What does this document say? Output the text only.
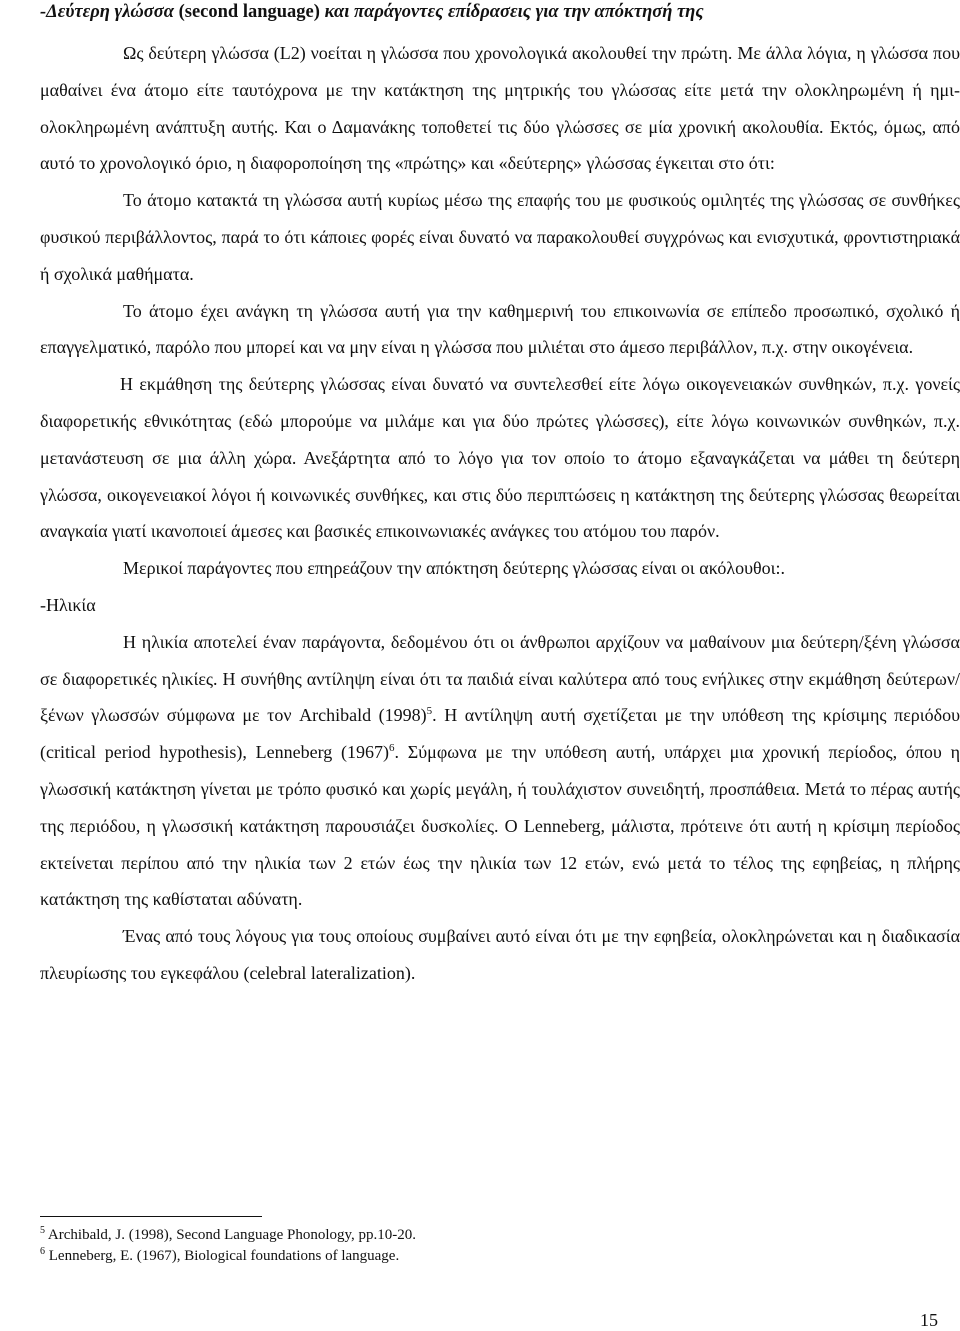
-Δεύτερη γλώσσα (second language) και παράγοντες επίδρασεις για την απόκτησή της

Ως δεύτερη γλώσσα (L2) νοείται η γλώσσα που χρονολογικά ακολουθεί την πρώτη. Με άλλα λόγια, η γλώσσα που μαθαίνει ένα άτομο είτε ταυτόχρονα με την κατάκτηση της μητρικής του γλώσσας είτε μετά την ολοκληρωμένη ή ημι-ολοκληρωμένη ανάπτυξη αυτής. Και ο Δαμανάκης τοποθετεί τις δύο γλώσσες σε μία χρονική ακολουθία. Εκτός, όμως, από αυτό το χρονολογικό όριο, η διαφοροποίηση της «πρώτης» και «δεύτερης» γλώσσας έγκειται στο ότι:

Το άτομο κατακτά τη γλώσσα αυτή κυρίως μέσω της επαφής του με φυσικούς ομιλητές της γλώσσας σε συνθήκες φυσικού περιβάλλοντος, παρά το ότι κάποιες φορές είναι δυνατό να παρακολουθεί συγχρόνως και ενισχυτικά, φροντιστηριακά ή σχολικά μαθήματα.

Το άτομο έχει ανάγκη τη γλώσσα αυτή για την καθημερινή του επικοινωνία σε επίπεδο προσωπικό, σχολικό ή επαγγελματικό, παρόλο που μπορεί και να μην είναι η γλώσσα που μιλιέται στο άμεσο περιβάλλον, π.χ. στην οικογένεια.

Η εκμάθηση της δεύτερης γλώσσας είναι δυνατό να συντελεσθεί είτε λόγω οικογενειακών συνθηκών, π.χ. γονείς διαφορετικής εθνικότητας (εδώ μπορούμε να μιλάμε και για δύο πρώτες γλώσσες), είτε λόγω κοινωνικών συνθηκών, π.χ. μετανάστευση σε μια άλλη χώρα. Ανεξάρτητα από το λόγο για τον οποίο το άτομο εξαναγκάζεται να μάθει τη δεύτερη γλώσσα, οικογενειακοί λόγοι ή κοινωνικές συνθήκες, και στις δύο περιπτώσεις η κατάκτηση της δεύτερης γλώσσας θεωρείται αναγκαία γιατί ικανοποιεί άμεσες και βασικές επικοινωνιακές ανάγκες του ατόμου του παρόν.

Μερικοί παράγοντες που επηρεάζουν την απόκτηση δεύτερης γλώσσας είναι οι ακόλουθοι:.

-Ηλικία

Η ηλικία αποτελεί έναν παράγοντα, δεδομένου ότι οι άνθρωποι αρχίζουν να μαθαίνουν μια δεύτερη/ξένη γλώσσα σε διαφορετικές ηλικίες. Η συνήθης αντίληψη είναι ότι τα παιδιά είναι καλύτερα από τους ενήλικες στην εκμάθηση δεύτερων/ ξένων γλωσσών σύμφωνα με τον Archibald $(1998)^5$. Η αντίληψη αυτή σχετίζεται με την υπόθεση της κρίσιμης περιόδου (critical period hypothesis), Lenneberg $(1967)^6$. Σύμφωνα με την υπόθεση αυτή, υπάρχει μια χρονική περίοδος, όπου η γλωσσική κατάκτηση γίνεται με τρόπο φυσικό και χωρίς μεγάλη, ή τουλάχιστον συνειδητή, προσπάθεια. Μετά το πέρας αυτής της περιόδου, η γλωσσική κατάκτηση παρουσιάζει δυσκολίες. Ο Lenneberg, μάλιστα, πρότεινε ότι αυτή η κρίσιμη περίοδος εκτείνεται περίπου από την ηλικία των 2 ετών έως την ηλικία των 12 ετών, ενώ μετά το τέλος της εφηβείας, η πλήρης κατάκτηση της καθίσταται αδύνατη.

Ένας από τους λόγους για τους οποίους συμβαίνει αυτό είναι ότι με την εφηβεία, ολοκληρώνεται και η διαδικασία πλευρίωσης του εγκεφάλου (celebral lateralization).

$^5$ Archibald, J. (1998), Second Language Phonology, pp.10-20.

$^6$ Lenneberg, E. (1967), Biological foundations of language.

15
